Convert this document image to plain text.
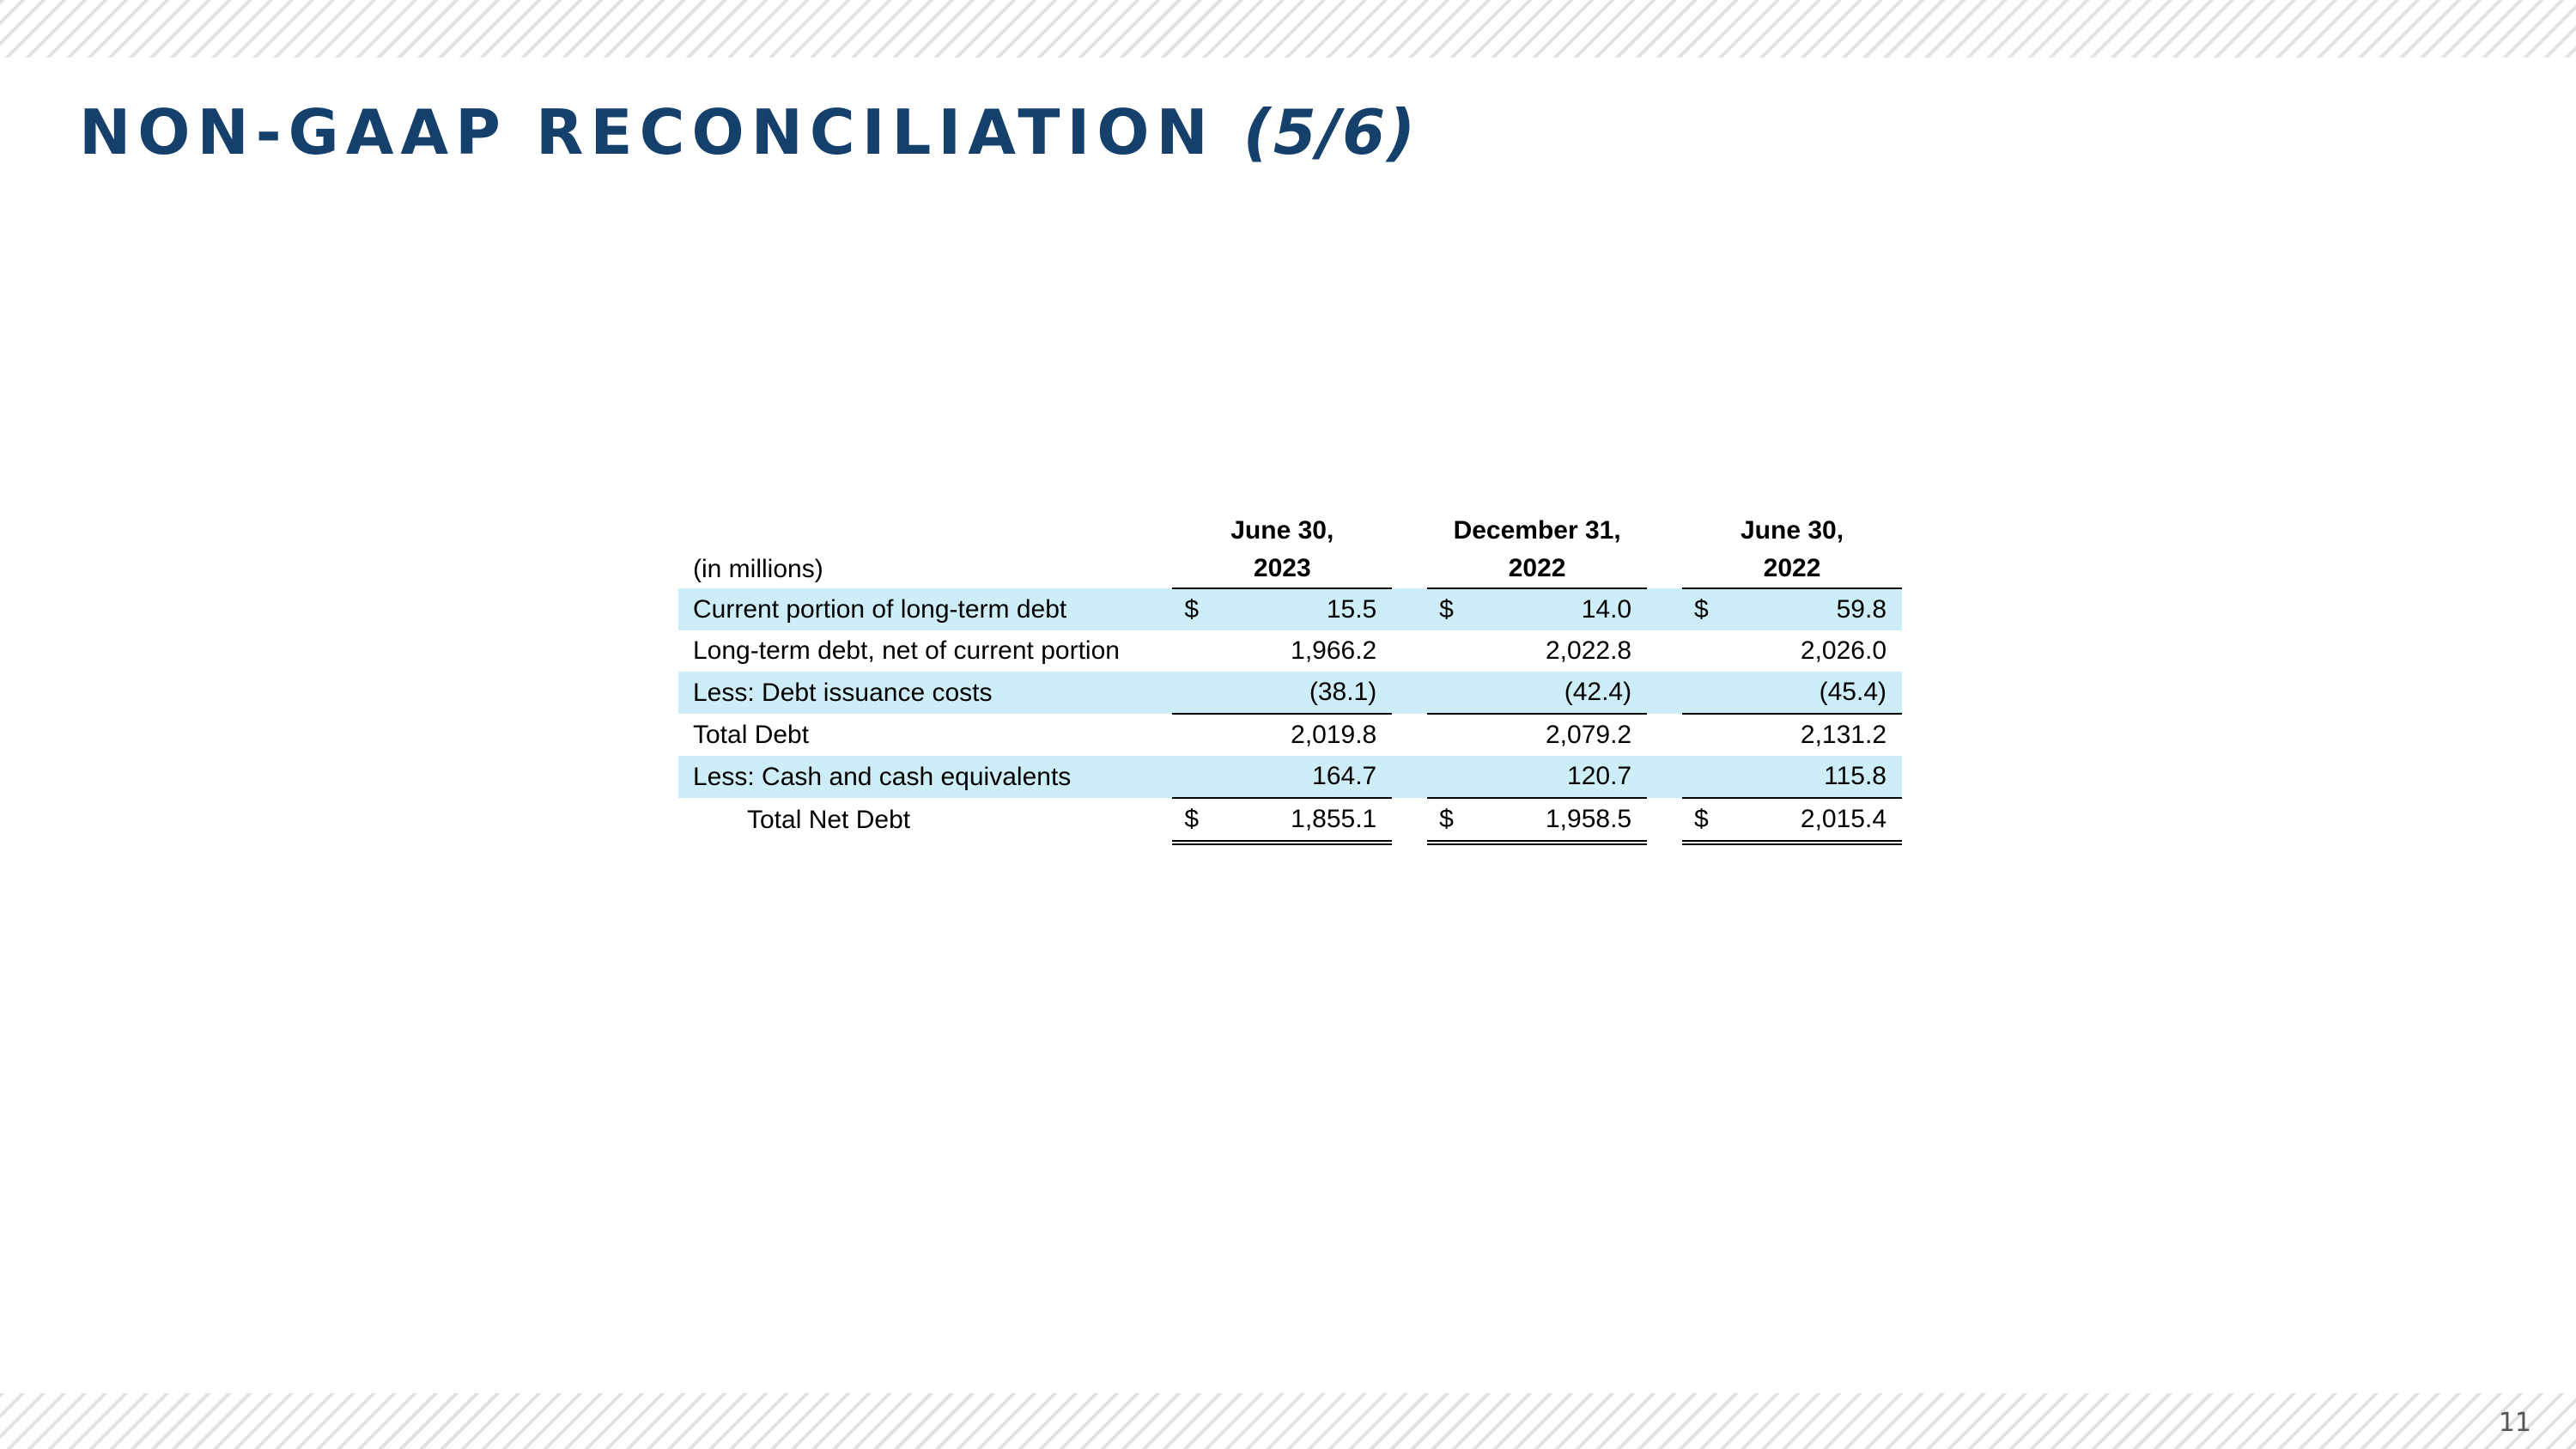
NON-GAAP RECONCILIATION (5/6)
	June 30,			December 31,			June 30,	
(in millions)	2023			2022			2022	
Current portion of long-term debt	$	15.5		$	14.0		$	59.8
Long-term debt, net of current portion		1,966.2			2,022.8			2,026.0
Less: Debt issuance costs		(38.1)			(42.4)			(45.4)
Total Debt		2,019.8			2,079.2			2,131.2
Less: Cash and cash equivalents		164.7			120.7			115.8
Total Net Debt	$	1,855.1		$	1,958.5		$	2,015.4
11
